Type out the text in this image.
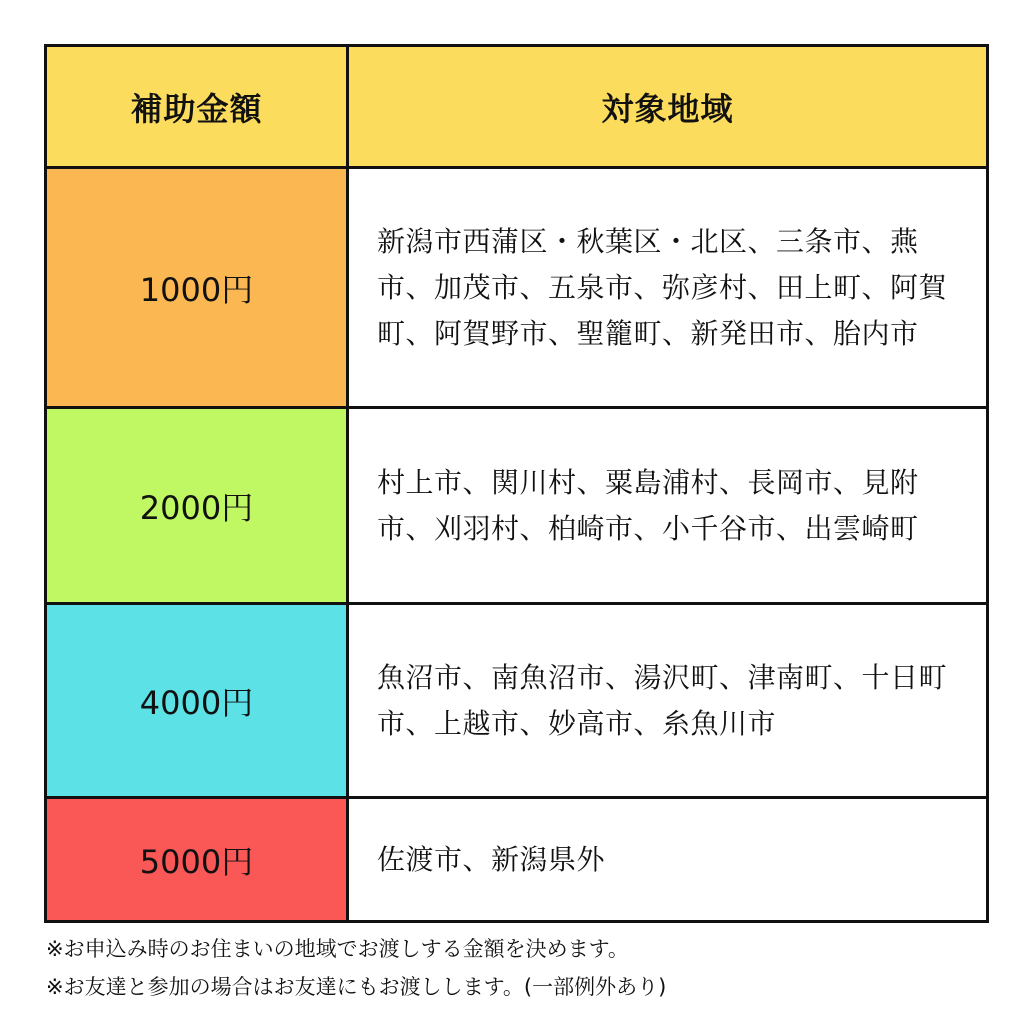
補助金額	対象地域
1000円	新潟市西蒲区・秋葉区・北区、三条市、燕市、加茂市、五泉市、弥彦村、田上町、阿賀町、阿賀野市、聖籠町、新発田市、胎内市
2000円	村上市、関川村、粟島浦村、長岡市、見附市、刈羽村、柏崎市、小千谷市、出雲崎町
4000円	魚沼市、南魚沼市、湯沢町、津南町、十日町市、上越市、妙高市、糸魚川市
5000円	佐渡市、新潟県外
※お申込み時のお住まいの地域でお渡しする金額を決めます。
※お友達と参加の場合はお友達にもお渡しします。(一部例外あり)
